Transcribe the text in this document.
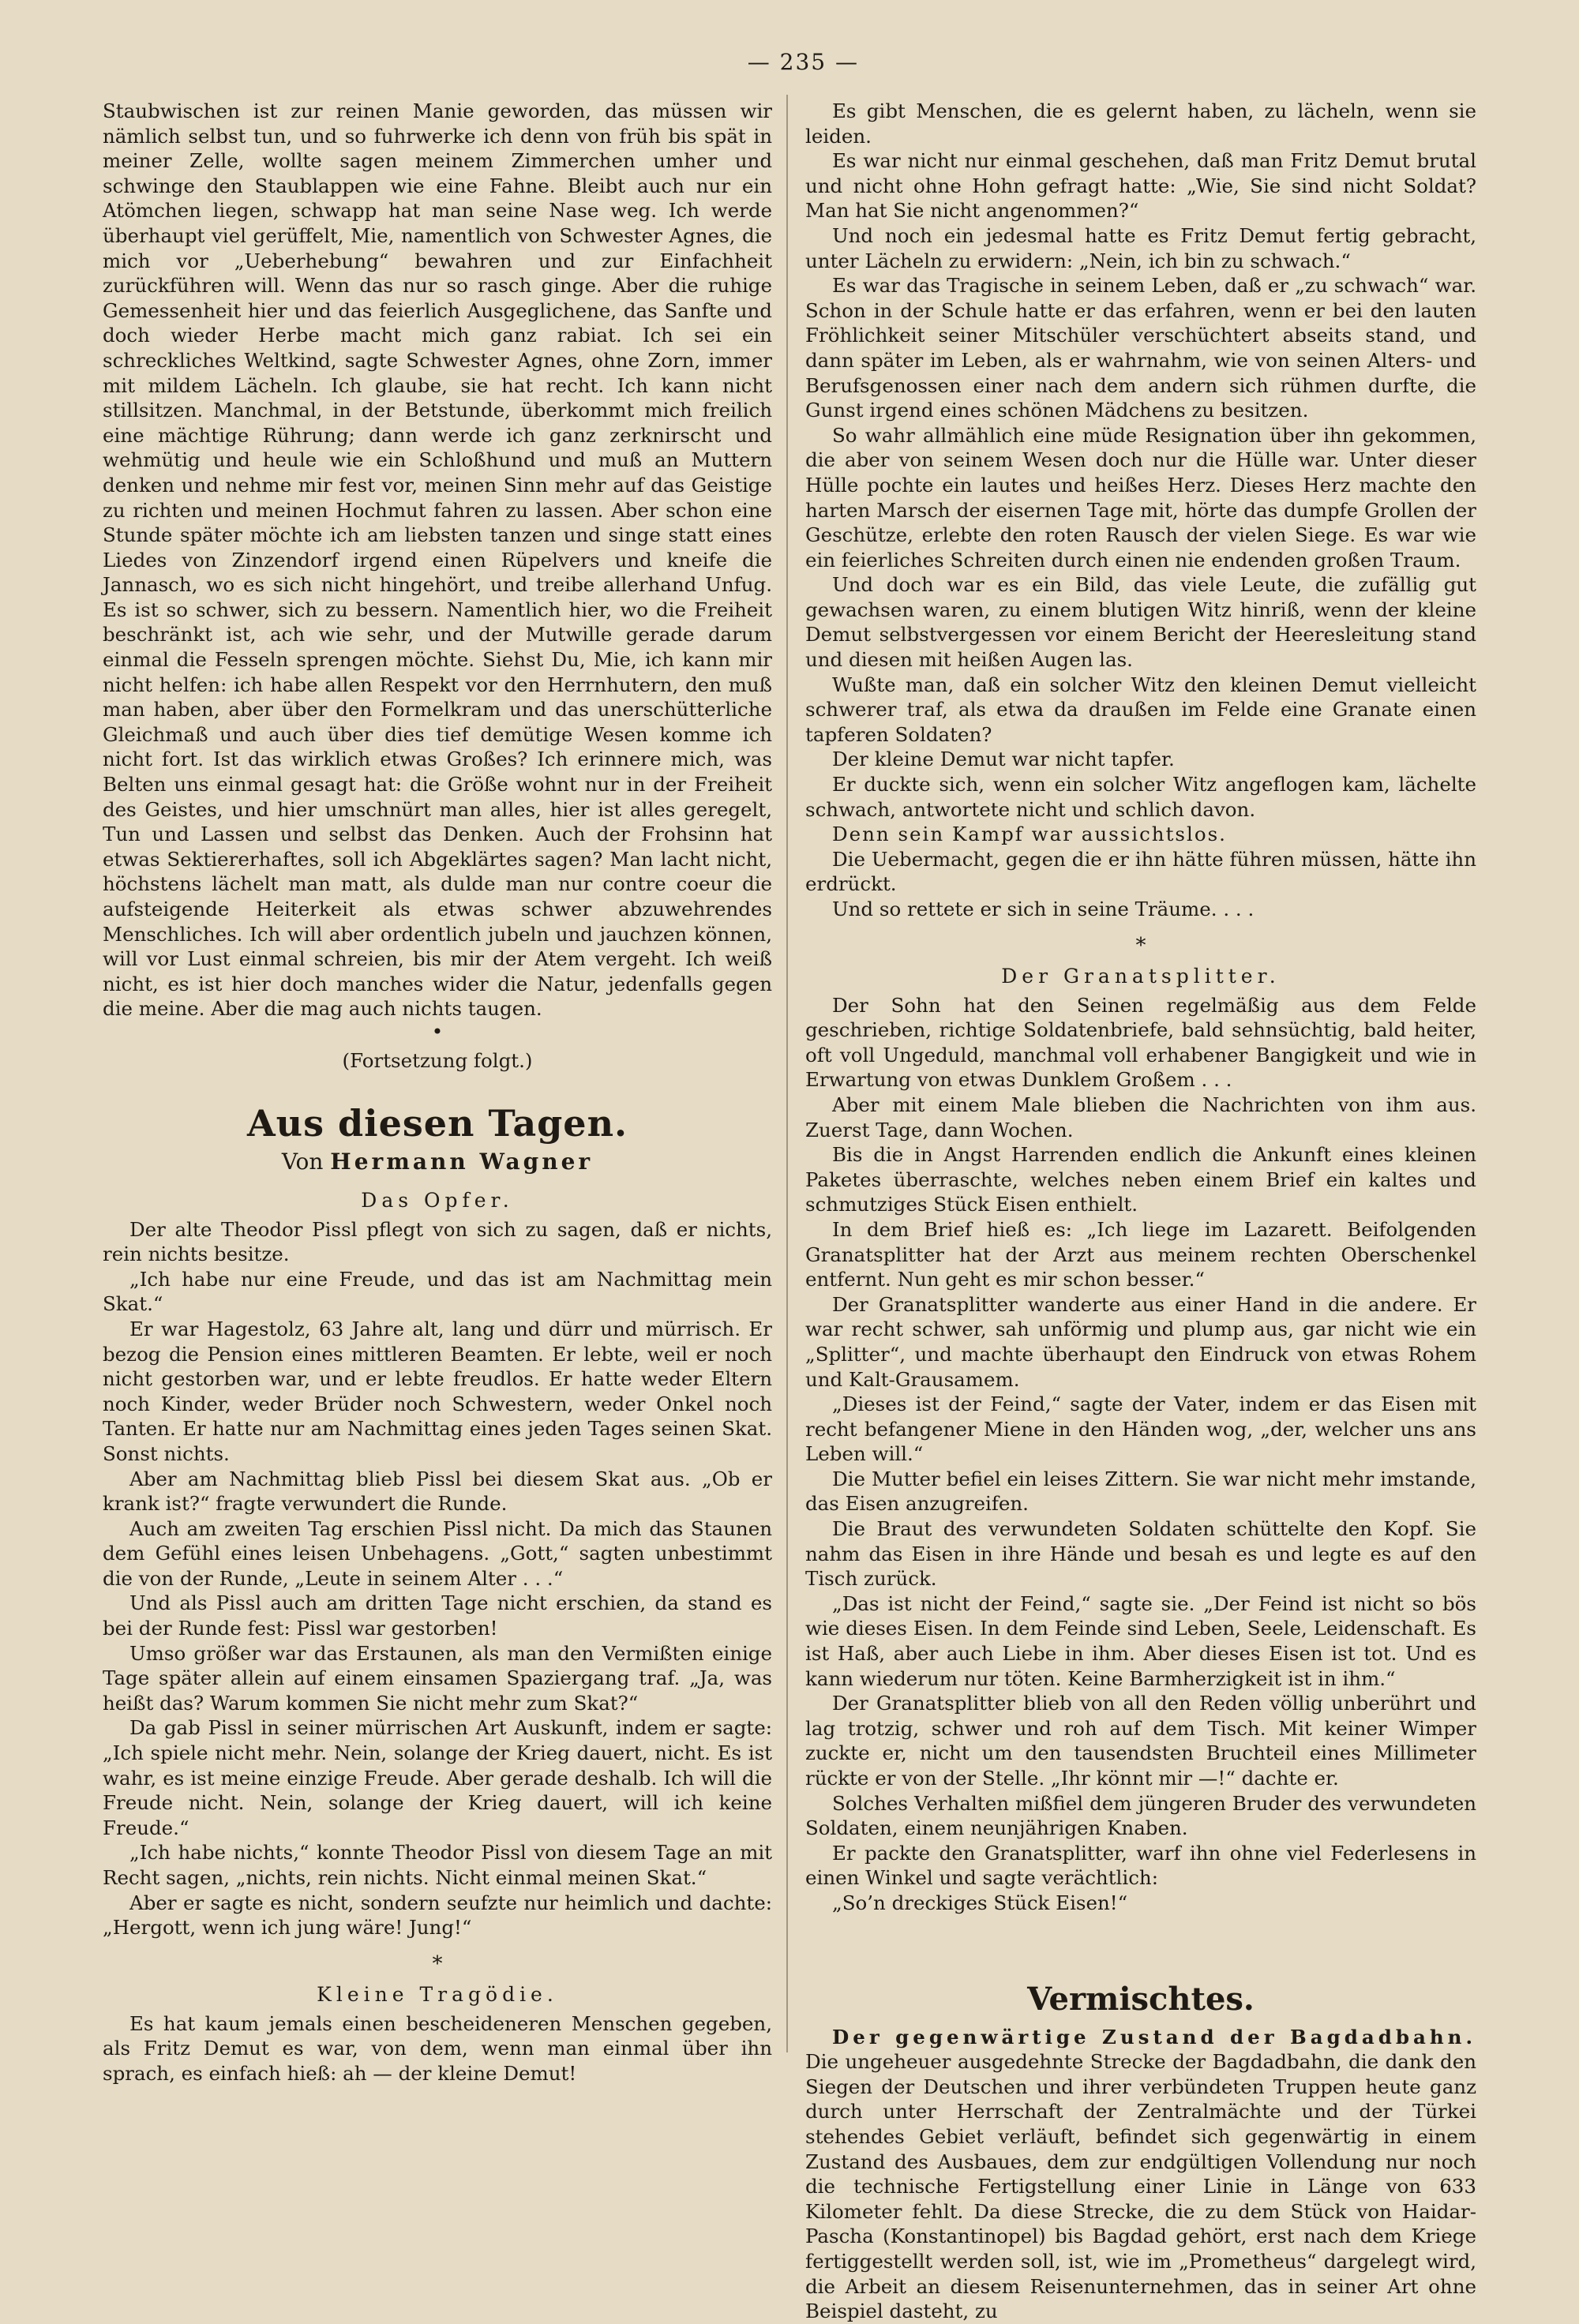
— 235 —

Staubwischen ist zur reinen Manie geworden, das müssen wir nämlich selbst tun, und so fuhrwerke ich denn von früh bis spät in meiner Zelle, wollte sagen meinem Zimmerchen umher und schwinge den Staublappen wie eine Fahne. Bleibt auch nur ein Atömchen liegen, schwapp hat man seine Nase weg. Ich werde überhaupt viel gerüffelt, Mie, namentlich von Schwester Agnes, die mich vor „Ueberhebung“ bewahren und zur Einfachheit zurückführen will. Wenn das nur so rasch ginge. Aber die ruhige Gemessenheit hier und das feierlich Ausgeglichene, das Sanfte und doch wieder Herbe macht mich ganz rabiat. Ich sei ein schreckliches Weltkind, sagte Schwester Agnes, ohne Zorn, immer mit mildem Lächeln. Ich glaube, sie hat recht. Ich kann nicht stillsitzen. Manchmal, in der Betstunde, überkommt mich freilich eine mächtige Rührung; dann werde ich ganz zerknirscht und wehmütig und heule wie ein Schloßhund und muß an Muttern denken und nehme mir fest vor, meinen Sinn mehr auf das Geistige zu richten und meinen Hochmut fahren zu lassen. Aber schon eine Stunde später möchte ich am liebsten tanzen und singe statt eines Liedes von Zinzendorf irgend einen Rüpelvers und kneife die Jannasch, wo es sich nicht hingehört, und treibe allerhand Unfug. Es ist so schwer, sich zu bessern. Namentlich hier, wo die Freiheit beschränkt ist, ach wie sehr, und der Mutwille gerade darum einmal die Fesseln sprengen möchte. Siehst Du, Mie, ich kann mir nicht helfen: ich habe allen Respekt vor den Herrnhutern, den muß man haben, aber über den Formelkram und das unerschütterliche Gleichmaß und auch über dies tief demütige Wesen komme ich nicht fort. Ist das wirklich etwas Großes? Ich erinnere mich, was Belten uns einmal gesagt hat: die Größe wohnt nur in der Freiheit des Geistes, und hier umschnürt man alles, hier ist alles geregelt, Tun und Lassen und selbst das Denken. Auch der Frohsinn hat etwas Sektiererhaftes, soll ich Abgeklärtes sagen? Man lacht nicht, höchstens lächelt man matt, als dulde man nur contre coeur die aufsteigende Heiterkeit als etwas schwer abzuwehrendes Menschliches. Ich will aber ordentlich jubeln und jauchzen können, will vor Lust einmal schreien, bis mir der Atem vergeht. Ich weiß nicht, es ist hier doch manches wider die Natur, jedenfalls gegen die meine. Aber die mag auch nichts taugen.

•
(Fortsetzung folgt.)
Aus diesen Tagen.
Von Hermann Wagner
Das Opfer.

Der alte Theodor Pissl pflegt von sich zu sagen, daß er nichts, rein nichts besitze.

„Ich habe nur eine Freude, und das ist am Nachmittag mein Skat.“

Er war Hagestolz, 63 Jahre alt, lang und dürr und mürrisch. Er bezog die Pension eines mittleren Beamten. Er lebte, weil er noch nicht gestorben war, und er lebte freudlos. Er hatte weder Eltern noch Kinder, weder Brüder noch Schwestern, weder Onkel noch Tanten. Er hatte nur am Nachmittag eines jeden Tages seinen Skat. Sonst nichts.

Aber am Nachmittag blieb Pissl bei diesem Skat aus. „Ob er krank ist?“ fragte verwundert die Runde.

Auch am zweiten Tag erschien Pissl nicht. Da mich das Staunen dem Gefühl eines leisen Unbehagens. „Gott,“ sagten unbestimmt die von der Runde, „Leute in seinem Alter . . .“

Und als Pissl auch am dritten Tage nicht erschien, da stand es bei der Runde fest: Pissl war gestorben!

Umso größer war das Erstaunen, als man den Vermißten einige Tage später allein auf einem einsamen Spaziergang traf. „Ja, was heißt das? Warum kommen Sie nicht mehr zum Skat?“

Da gab Pissl in seiner mürrischen Art Auskunft, indem er sagte: „Ich spiele nicht mehr. Nein, solange der Krieg dauert, nicht. Es ist wahr, es ist meine einzige Freude. Aber gerade deshalb. Ich will die Freude nicht. Nein, solange der Krieg dauert, will ich keine Freude.“

„Ich habe nichts,“ konnte Theodor Pissl von diesem Tage an mit Recht sagen, „nichts, rein nichts. Nicht einmal meinen Skat.“

Aber er sagte es nicht, sondern seufzte nur heimlich und dachte: „Hergott, wenn ich jung wäre! Jung!“

*
Kleine Tragödie.

Es hat kaum jemals einen bescheideneren Menschen gegeben, als Fritz Demut es war, von dem, wenn man einmal über ihn sprach, es einfach hieß: ah — der kleine Demut!

Es gibt Menschen, die es gelernt haben, zu lächeln, wenn sie leiden.

Es war nicht nur einmal geschehen, daß man Fritz Demut brutal und nicht ohne Hohn gefragt hatte: „Wie, Sie sind nicht Soldat? Man hat Sie nicht angenommen?“

Und noch ein jedesmal hatte es Fritz Demut fertig gebracht, unter Lächeln zu erwidern: „Nein, ich bin zu schwach.“

Es war das Tragische in seinem Leben, daß er „zu schwach“ war. Schon in der Schule hatte er das erfahren, wenn er bei den lauten Fröhlichkeit seiner Mitschüler verschüchtert abseits stand, und dann später im Leben, als er wahrnahm, wie von seinen Alters- und Berufsgenossen einer nach dem andern sich rühmen durfte, die Gunst irgend eines schönen Mädchens zu besitzen.

So wahr allmählich eine müde Resignation über ihn gekommen, die aber von seinem Wesen doch nur die Hülle war. Unter dieser Hülle pochte ein lautes und heißes Herz. Dieses Herz machte den harten Marsch der eisernen Tage mit, hörte das dumpfe Grollen der Geschütze, erlebte den roten Rausch der vielen Siege. Es war wie ein feierliches Schreiten durch einen nie endenden großen Traum.

Und doch war es ein Bild, das viele Leute, die zufällig gut gewachsen waren, zu einem blutigen Witz hinriß, wenn der kleine Demut selbstvergessen vor einem Bericht der Heeresleitung stand und diesen mit heißen Augen las.

Wußte man, daß ein solcher Witz den kleinen Demut vielleicht schwerer traf, als etwa da draußen im Felde eine Granate einen tapferen Soldaten?

Der kleine Demut war nicht tapfer.

Er duckte sich, wenn ein solcher Witz angeflogen kam, lächelte schwach, antwortete nicht und schlich davon.

Denn sein Kampf war aussichtslos.

Die Uebermacht, gegen die er ihn hätte führen müssen, hätte ihn erdrückt.

Und so rettete er sich in seine Träume. . . .

*
Der Granatsplitter.

Der Sohn hat den Seinen regelmäßig aus dem Felde geschrieben, richtige Soldatenbriefe, bald sehnsüchtig, bald heiter, oft voll Ungeduld, manchmal voll erhabener Bangigkeit und wie in Erwartung von etwas Dunklem Großem . . .

Aber mit einem Male blieben die Nachrichten von ihm aus. Zuerst Tage, dann Wochen.

Bis die in Angst Harrenden endlich die Ankunft eines kleinen Paketes überraschte, welches neben einem Brief ein kaltes und schmutziges Stück Eisen enthielt.

In dem Brief hieß es: „Ich liege im Lazarett. Beifolgenden Granatsplitter hat der Arzt aus meinem rechten Oberschenkel entfernt. Nun geht es mir schon besser.“

Der Granatsplitter wanderte aus einer Hand in die andere. Er war recht schwer, sah unförmig und plump aus, gar nicht wie ein „Splitter“, und machte überhaupt den Eindruck von etwas Rohem und Kalt-Grausamem.

„Dieses ist der Feind,“ sagte der Vater, indem er das Eisen mit recht befangener Miene in den Händen wog, „der, welcher uns ans Leben will.“

Die Mutter befiel ein leises Zittern. Sie war nicht mehr imstande, das Eisen anzugreifen.

Die Braut des verwundeten Soldaten schüttelte den Kopf. Sie nahm das Eisen in ihre Hände und besah es und legte es auf den Tisch zurück.

„Das ist nicht der Feind,“ sagte sie. „Der Feind ist nicht so bös wie dieses Eisen. In dem Feinde sind Leben, Seele, Leidenschaft. Es ist Haß, aber auch Liebe in ihm. Aber dieses Eisen ist tot. Und es kann wiederum nur töten. Keine Barmherzigkeit ist in ihm.“

Der Granatsplitter blieb von all den Reden völlig unberührt und lag trotzig, schwer und roh auf dem Tisch. Mit keiner Wimper zuckte er, nicht um den tausendsten Bruchteil eines Millimeter rückte er von der Stelle. „Ihr könnt mir —!“ dachte er.

Solches Verhalten mißfiel dem jüngeren Bruder des verwundeten Soldaten, einem neunjährigen Knaben.

Er packte den Granatsplitter, warf ihn ohne viel Federlesens in einen Winkel und sagte verächtlich:

„So’n dreckiges Stück Eisen!“

Vermischtes.

Der gegenwärtige Zustand der Bagdadbahn. Die ungeheuer ausgedehnte Strecke der Bagdadbahn, die dank den Siegen der Deutschen und ihrer verbündeten Truppen heute ganz durch unter Herrschaft der Zentralmächte und der Türkei stehendes Gebiet verläuft, befindet sich gegenwärtig in einem Zustand des Ausbaues, dem zur endgültigen Vollendung nur noch die technische Fertigstellung einer Linie in Länge von 633 Kilometer fehlt. Da diese Strecke, die zu dem Stück von Haidar-Pascha (Konstantinopel) bis Bagdad gehört, erst nach dem Kriege fertiggestellt werden soll, ist, wie im „Prometheus“ dargelegt wird, die Arbeit an diesem Reisenunternehmen, das in seiner Art ohne Beispiel dasteht, zu
